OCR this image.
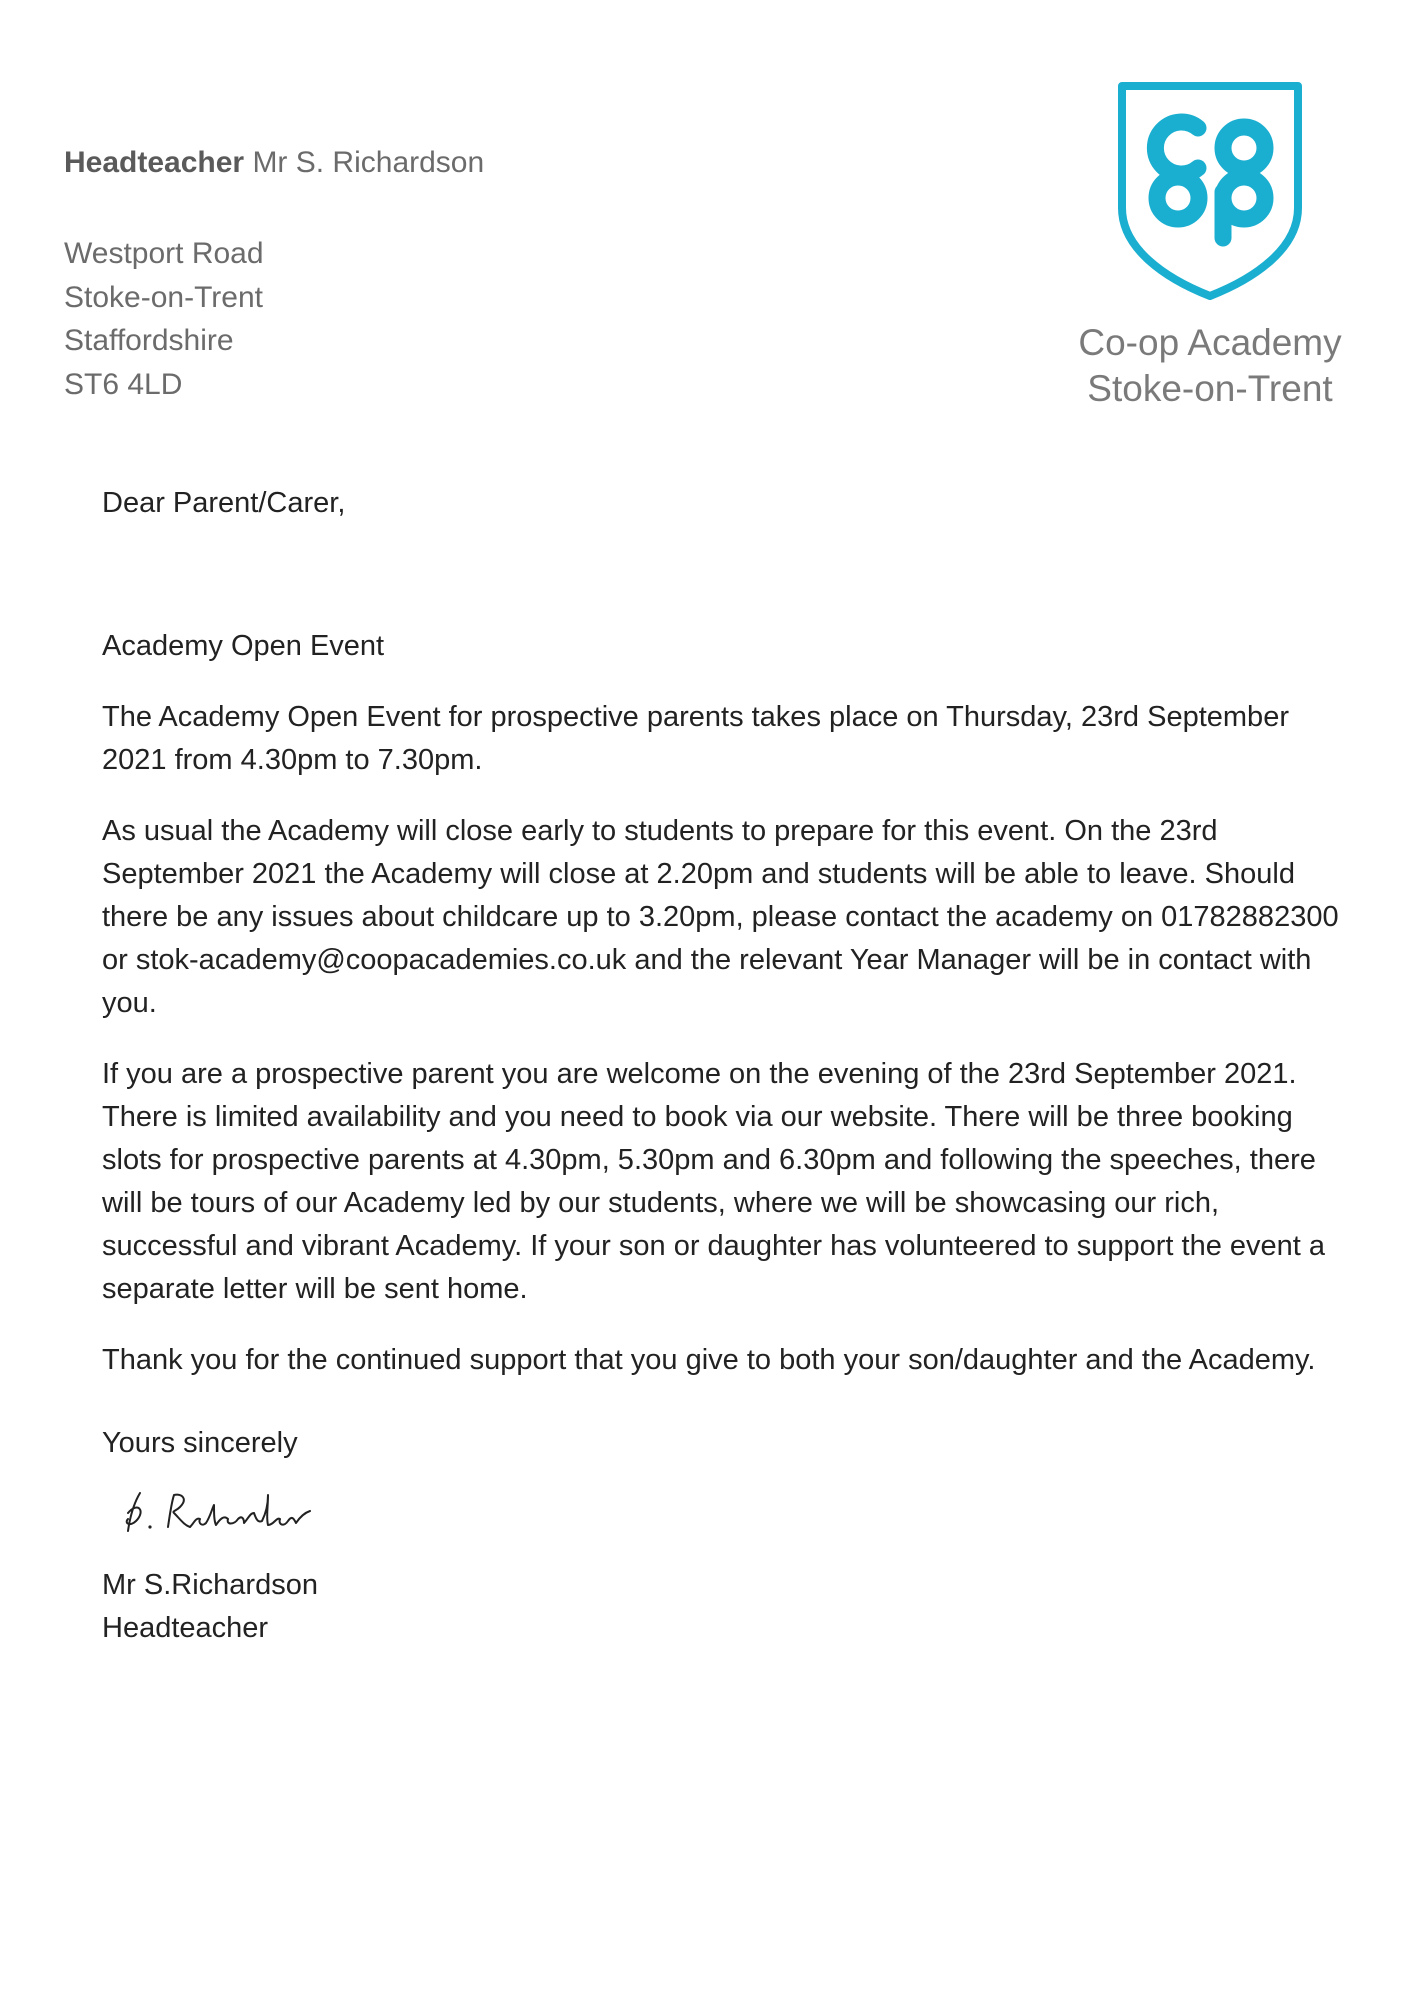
Headteacher Mr S. Richardson
Westport Road
Stoke-on-Trent
Staffordshire
ST6 4LD
Co-op Academy
Stoke-on-Trent

Dear Parent/Carer,

Academy Open Event

The Academy Open Event for prospective parents takes place on Thursday, 23rd September 2021 from 4.30pm to 7.30pm.

As usual the Academy will close early to students to prepare for this event. On the 23rd September 2021 the Academy will close at 2.20pm and students will be able to leave. Should there be any issues about childcare up to 3.20pm, please contact the academy on 01782882300 or stok-academy@coopacademies.co.uk and the relevant Year Manager will be in contact with you.

If you are a prospective parent you are welcome on the evening of the 23rd September 2021. There is limited availability and you need to book via our website. There will be three booking slots for prospective parents at 4.30pm, 5.30pm and 6.30pm and following the speeches, there will be tours of our Academy led by our students, where we will be showcasing our rich, successful and vibrant Academy. If your son or daughter has volunteered to support the event a separate letter will be sent home.

Thank you for the continued support that you give to both your son/daughter and the Academy.

Yours sincerely

Mr S.Richardson

Headteacher
